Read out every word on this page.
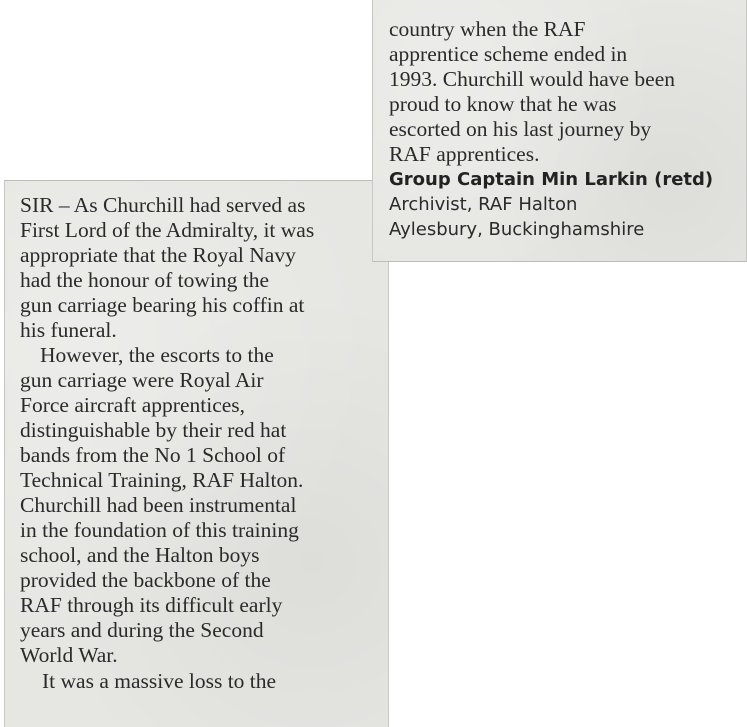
SIR – As Churchill had served as
First Lord of the Admiralty, it was
appropriate that the Royal Navy
had the honour of towing the
gun carriage bearing his coffin at
his funeral.
However, the escorts to the
gun carriage were Royal Air
Force aircraft apprentices,
distinguishable by their red hat
bands from the No 1 School of
Technical Training, RAF Halton.
Churchill had been instrumental
in the foundation of this training
school, and the Halton boys
provided the backbone of the
RAF through its difficult early
years and during the Second
World War.
It was a massive loss to the
country when the RAF
apprentice scheme ended in
1993. Churchill would have been
proud to know that he was
escorted on his last journey by
RAF apprentices.
Group Captain Min Larkin (retd)
Archivist, RAF Halton
Aylesbury, Buckinghamshire
